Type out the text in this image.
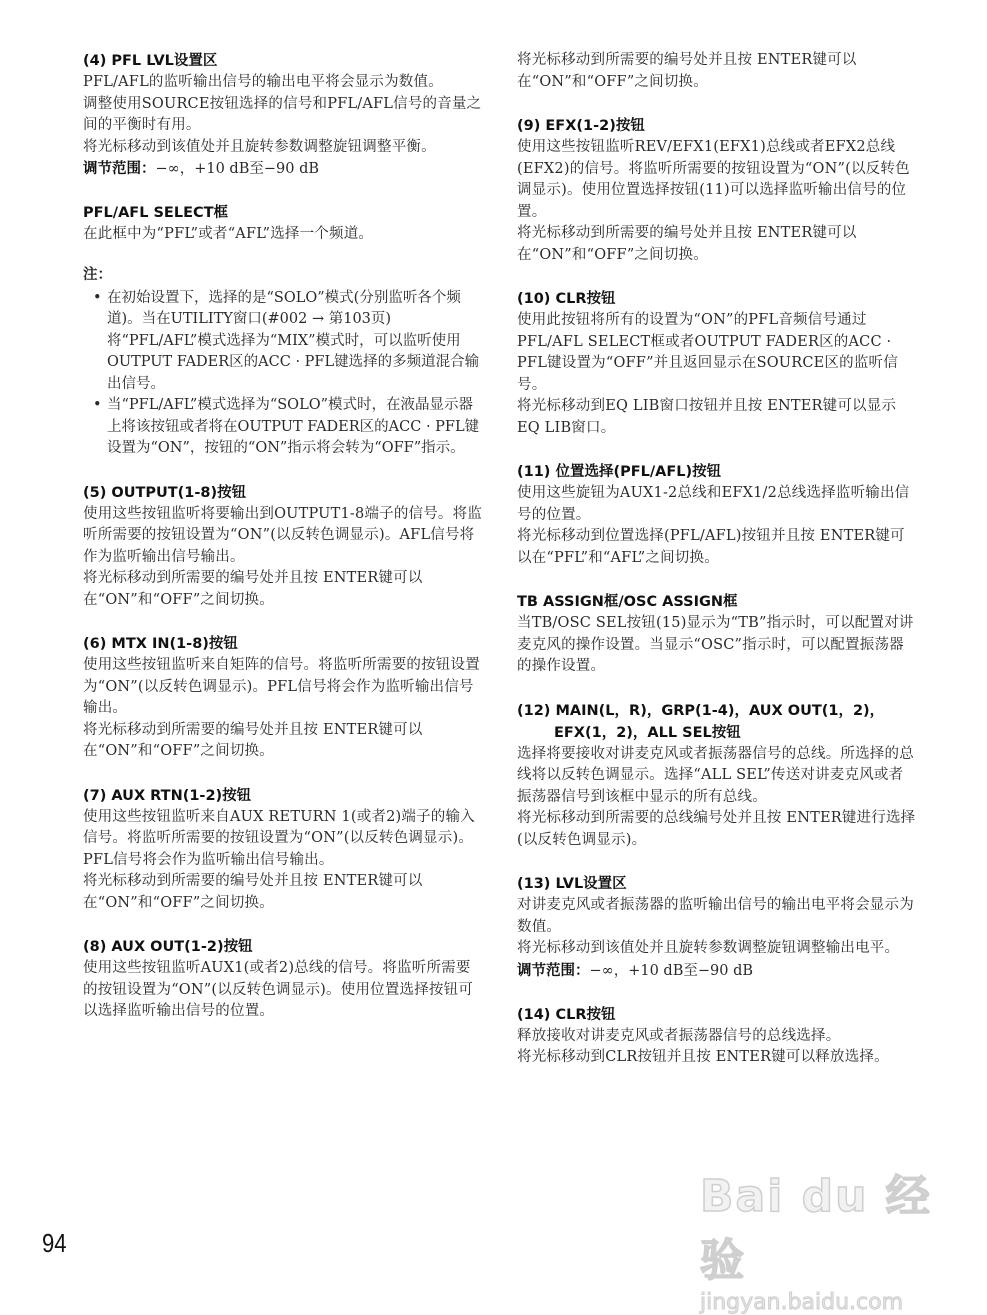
(4) PFL LVL设置区

PFL/AFL的监听输出信号的输出电平将会显示为数值。

调整使用SOURCE按钮选择的信号和PFL/AFL信号的音量之间的平衡时有用。

将光标移动到该值处并且旋转参数调整旋钮调整平衡。

调节范围：−∞，+10 dB至−90 dB

PFL/AFL SELECT框

在此框中为“PFL”或者“AFL”选择一个频道。

注：

• 在初始设置下，选择的是“SOLO”模式(分别监听各个频道)。当在UTILITY窗口(#002 → 第103页)将“PFL/AFL”模式选择为“MIX”模式时，可以监听使用OUTPUT FADER区的ACC · PFL键选择的多频道混合输出信号。
• 当“PFL/AFL”模式选择为“SOLO”模式时，在液晶显示器上将该按钮或者将在OUTPUT FADER区的ACC · PFL键设置为“ON”，按钮的“ON”指示将会转为“OFF”指示。
(5) OUTPUT(1-8)按钮

使用这些按钮监听将要输出到OUTPUT1-8端子的信号。将监听所需要的按钮设置为“ON”(以反转色调显示)。AFL信号将作为监听输出信号输出。

将光标移动到所需要的编号处并且按 ENTER键可以在“ON”和“OFF”之间切换。

(6) MTX IN(1-8)按钮

使用这些按钮监听来自矩阵的信号。将监听所需要的按钮设置为“ON”(以反转色调显示)。PFL信号将会作为监听输出信号输出。

将光标移动到所需要的编号处并且按 ENTER键可以在“ON”和“OFF”之间切换。

(7) AUX RTN(1-2)按钮

使用这些按钮监听来自AUX RETURN 1(或者2)端子的输入信号。将监听所需要的按钮设置为“ON”(以反转色调显示)。PFL信号将会作为监听输出信号输出。

将光标移动到所需要的编号处并且按 ENTER键可以在“ON”和“OFF”之间切换。

(8) AUX OUT(1-2)按钮

使用这些按钮监听AUX1(或者2)总线的信号。将监听所需要的按钮设置为“ON”(以反转色调显示)。使用位置选择按钮可以选择监听输出信号的位置。

将光标移动到所需要的编号处并且按 ENTER键可以在“ON”和“OFF”之间切换。

(9) EFX(1-2)按钮

使用这些按钮监听REV/EFX1(EFX1)总线或者EFX2总线(EFX2)的信号。将监听所需要的按钮设置为“ON”(以反转色调显示)。使用位置选择按钮(11)可以选择监听输出信号的位置。

将光标移动到所需要的编号处并且按 ENTER键可以在“ON”和“OFF”之间切换。

(10) CLR按钮

使用此按钮将所有的设置为“ON”的PFL音频信号通过PFL/AFL SELECT框或者OUTPUT FADER区的ACC · PFL键设置为“OFF”并且返回显示在SOURCE区的监听信号。

将光标移动到EQ LIB窗口按钮并且按 ENTER键可以显示EQ LIB窗口。

(11) 位置选择(PFL/AFL)按钮

使用这些旋钮为AUX1-2总线和EFX1/2总线选择监听输出信号的位置。

将光标移动到位置选择(PFL/AFL)按钮并且按 ENTER键可以在“PFL”和“AFL”之间切换。

TB ASSIGN框/OSC ASSIGN框

当TB/OSC SEL按钮(15)显示为“TB”指示时，可以配置对讲麦克风的操作设置。当显示“OSC”指示时，可以配置振荡器的操作设置。

(12) MAIN(L，R)，GRP(1-4)，AUX OUT(1，2)，
EFX(1，2)，ALL SEL按钮

选择将要接收对讲麦克风或者振荡器信号的总线。所选择的总线将以反转色调显示。选择“ALL SEL”传送对讲麦克风或者振荡器信号到该框中显示的所有总线。

将光标移动到所需要的总线编号处并且按 ENTER键进行选择(以反转色调显示)。

(13) LVL设置区

对讲麦克风或者振荡器的监听输出信号的输出电平将会显示为数值。

将光标移动到该值处并且旋转参数调整旋钮调整输出电平。

调节范围：−∞，+10 dB至−90 dB

(14) CLR按钮

释放接收对讲麦克风或者振荡器信号的总线选择。

将光标移动到CLR按钮并且按 ENTER键可以释放选择。

94
Bai du 经验
jingyan.baidu.com
